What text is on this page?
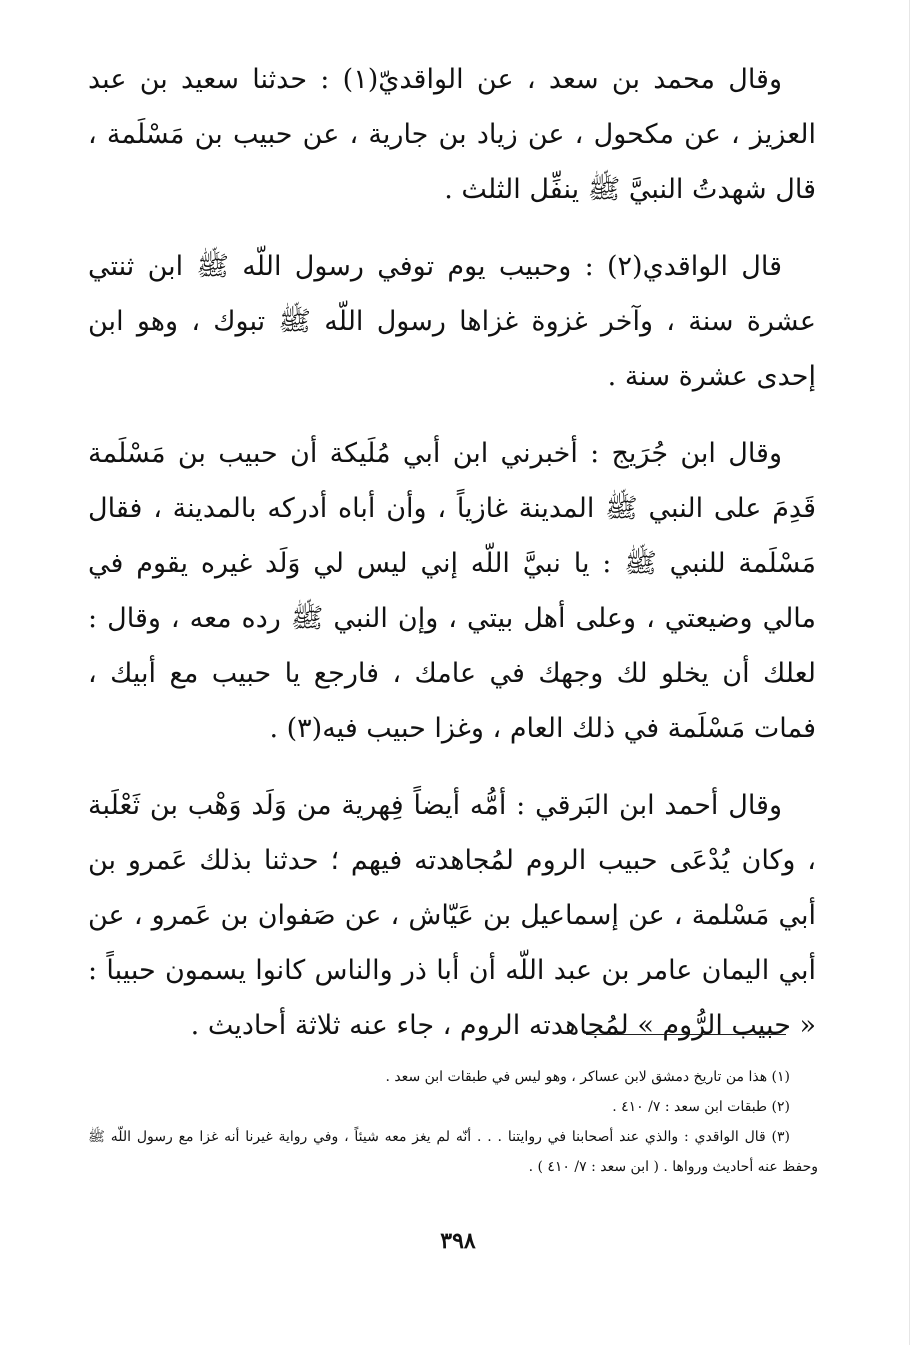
وقال محمد بن سعد ، عن الواقديّ(١) : حدثنا سعيد بن عبد العزيز ، عن مكحول ، عن زياد بن جارية ، عن حبيب بن مَسْلَمة ، قال شهدتُ النبيَّ ﷺ ينفِّل الثلث .

قال الواقدي(٢) : وحبيب يوم توفي رسول اللّه ﷺ ابن ثنتي عشرة سنة ، وآخر غزوة غزاها رسول اللّه ﷺ تبوك ، وهو ابن إحدى عشرة سنة .

وقال ابن جُرَيج : أخبرني ابن أبي مُلَيكة أن حبيب بن مَسْلَمة قَدِمَ على النبي ﷺ المدينة غازياً ، وأن أباه أدركه بالمدينة ، فقال مَسْلَمة للنبي ﷺ : يا نبيَّ اللّه إني ليس لي وَلَد غيره يقوم في مالي وضيعتي ، وعلى أهل بيتي ، وإن النبي ﷺ رده معه ، وقال : لعلك أن يخلو لك وجهك في عامك ، فارجع يا حبيب مع أبيك ، فمات مَسْلَمة في ذلك العام ، وغزا حبيب فيه(٣) .

وقال أحمد ابن البَرقي : أمُّه أيضاً فِهرية من وَلَد وَهْب بن ثَعْلَبة ، وكان يُدْعَى حبيب الروم لمُجاهدته فيهم ؛ حدثنا بذلك عَمرو بن أبي مَسْلمة ، عن إسماعيل بن عَيّاش ، عن صَفوان بن عَمرو ، عن أبي اليمان عامر بن عبد اللّه أن أبا ذر والناس كانوا يسمون حبيباً : « حبيب الرُّوم » لمُجاهدته الروم ، جاء عنه ثلاثة أحاديث .

(١) هذا من تاريخ دمشق لابن عساكر ، وهو ليس في طبقات ابن سعد .

(٢) طبقات ابن سعد : ٧/ ٤١٠ .

(٣) قال الواقدي : والذي عند أصحابنا في روايتنا . . . أنّه لم يغز معه شيئاً ، وفي رواية غيرنا أنه غزا مع رسول اللّه ﷺ وحفظ عنه أحاديث ورواها . ( ابن سعد : ٧/ ٤١٠ ) .

٣٩٨
